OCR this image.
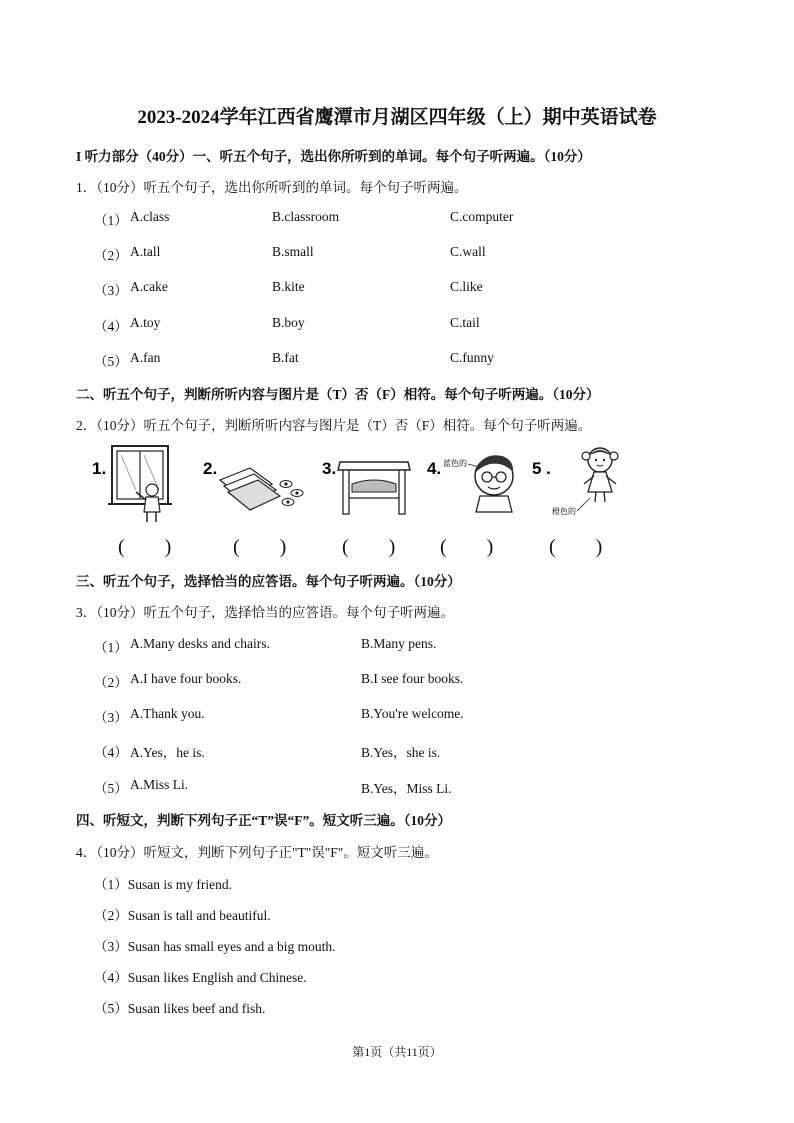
2023-2024学年江西省鹰潭市月湖区四年级（上）期中英语试卷
I 听力部分（40分）一、听五个句子，选出你所听到的单词。每个句子听两遍。（10分）
1．（10分）听五个句子，选出你所听到的单词。每个句子听两遍。
（1） A.class	B.classroom	C.computer
（2） A.tall	B.small	C.wall
（3） A.cake	B.kite	C.like
（4） A.toy	B.boy	C.tail
（5） A.fan	B.fat	C.funny
二、听五个句子，判断所听内容与图片是（T）否（F）相符。每个句子听两遍。（10分）
2．（10分）听五个句子，判断所听内容与图片是（T）否（F）相符。每个句子听两遍。
1.	2.	3.	4. 蓝色的	5 .
橙色的
(　　)	(　　)	(　　) (　　)	(　　)
三、听五个句子，选择恰当的应答语。每个句子听两遍。（10分）
3．（10分）听五个句子，选择恰当的应答语。每个句子听两遍。
（1） A.Many desks and chairs.	B.Many pens.
（2） A.I have four books.	B.I see four books.
（3） A.Thank you.	B.You're welcome.
（4） A.Yes，he is.	B.Yes，she is.
（5） A.Miss Li.	B.Yes，Miss Li.
四、听短文，判断下列句子正“T”误“F”。短文听三遍。（10分）
4．（10分）听短文，判断下列句子正"T"误"F"。短文听三遍。
（1）Susan is my friend.
（2）Susan is tall and beautiful.
（3）Susan has small eyes and a big mouth.
（4）Susan likes English and Chinese.
（5）Susan likes beef and fish.
第1页（共11页）
